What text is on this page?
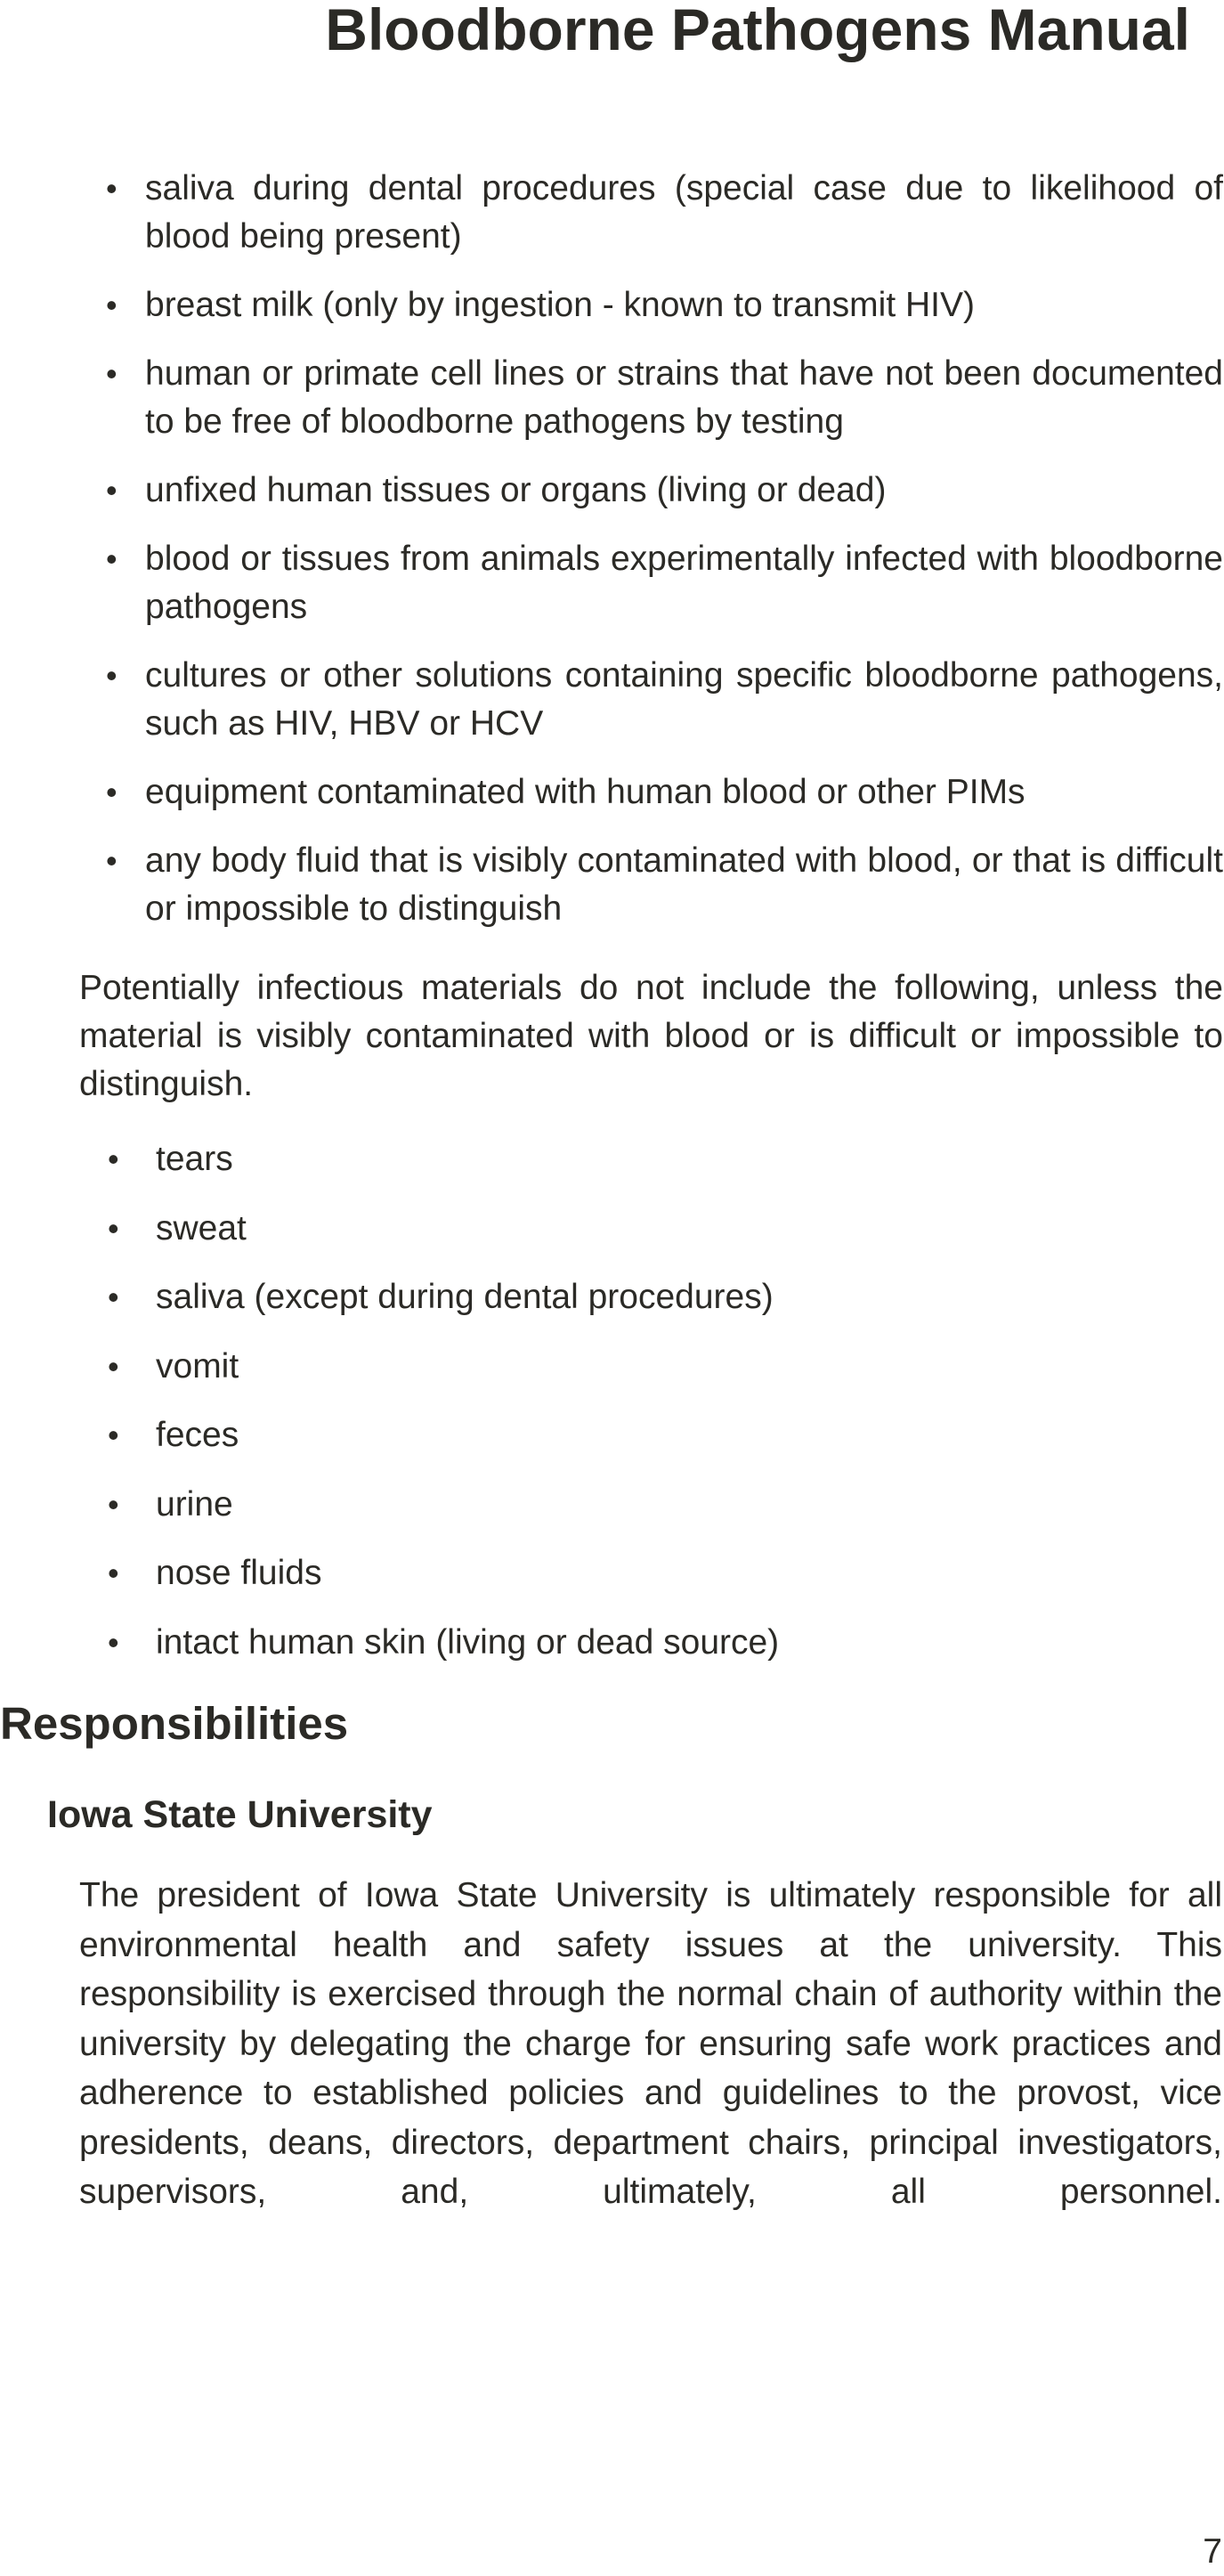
Bloodborne Pathogens Manual
• saliva during dental procedures (special case due to likelihood of blood being present)
• breast milk (only by ingestion - known to transmit HIV)
• human or primate cell lines or strains that have not been documented to be free of bloodborne pathogens by testing
• unfixed human tissues or organs (living or dead)
• blood or tissues from animals experimentally infected with bloodborne pathogens
• cultures or other solutions containing specific bloodborne pathogens, such as HIV, HBV or HCV
• equipment contaminated with human blood or other PIMs
• any body fluid that is visibly contaminated with blood, or that is difficult or impossible to distinguish

Potentially infectious materials do not include the following, unless the material is visibly contaminated with blood or is difficult or impossible to distinguish.

• tears
• sweat
• saliva (except during dental procedures)
• vomit
• feces
• urine
• nose fluids
• intact human skin (living or dead source)
Responsibilities
Iowa State University

The president of Iowa State University is ultimately responsible for all environmental health and safety issues at the university. This responsibility is exercised through the normal chain of authority within the university by delegating the charge for ensuring safe work practices and adherence to established policies and guidelines to the provost, vice presidents, deans, directors, department chairs, principal investigators, supervisors, and, ultimately, all personnel.

7
